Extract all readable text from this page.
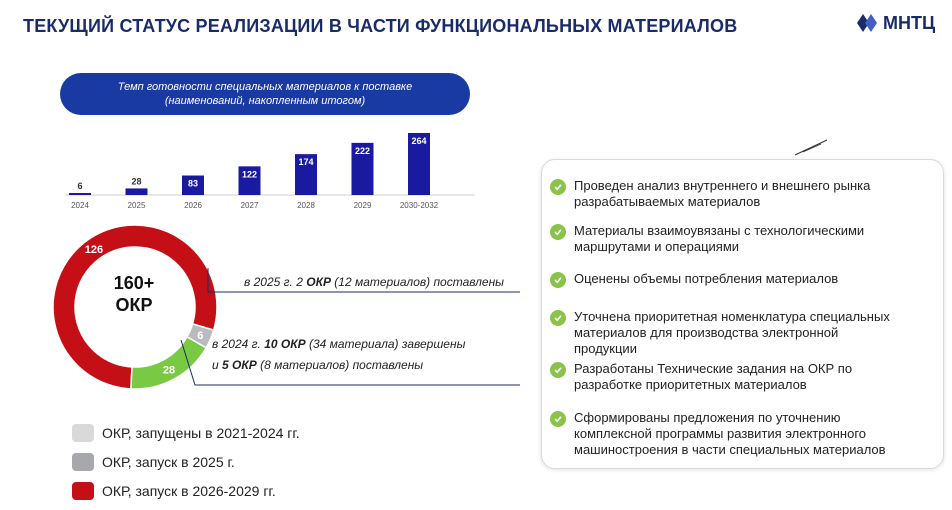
ТЕКУЩИЙ СТАТУС РЕАЛИЗАЦИИ В ЧАСТИ ФУНКЦИОНАЛЬНЫХ МАТЕРИАЛОВ	МНТЦ
Темп готовности специальных материалов к поставке
(наименований, накопленным итогом)
6
2024
28
2025
83
2026
122
2027
174
2028
222
2029
264
2030-2032
126
6
28
160+
ОКР
в 2025 г. 2 ОКР (12 материалов) поставлены
в 2024 г. 10 ОКР (34 материала) завершены
и 5 ОКР (8 материалов) поставлены
ОКР, запущены в 2021-2024 гг.
ОКР, запуск в 2025 г.
ОКР, запуск в 2026-2029 гг.
Проведен анализ внутреннего и внешнего рынка
разрабатываемых материалов
Материалы взаимоувязаны с технологическими
маршрутами и операциями
Оценены объемы потребления материалов
Уточнена приоритетная номенклатура специальных
материалов для производства электронной
продукции
Разработаны Технические задания на ОКР по
разработке приоритетных материалов
Сформированы предложения по уточнению
комплексной программы развития электронного
машиностроения в части специальных материалов
